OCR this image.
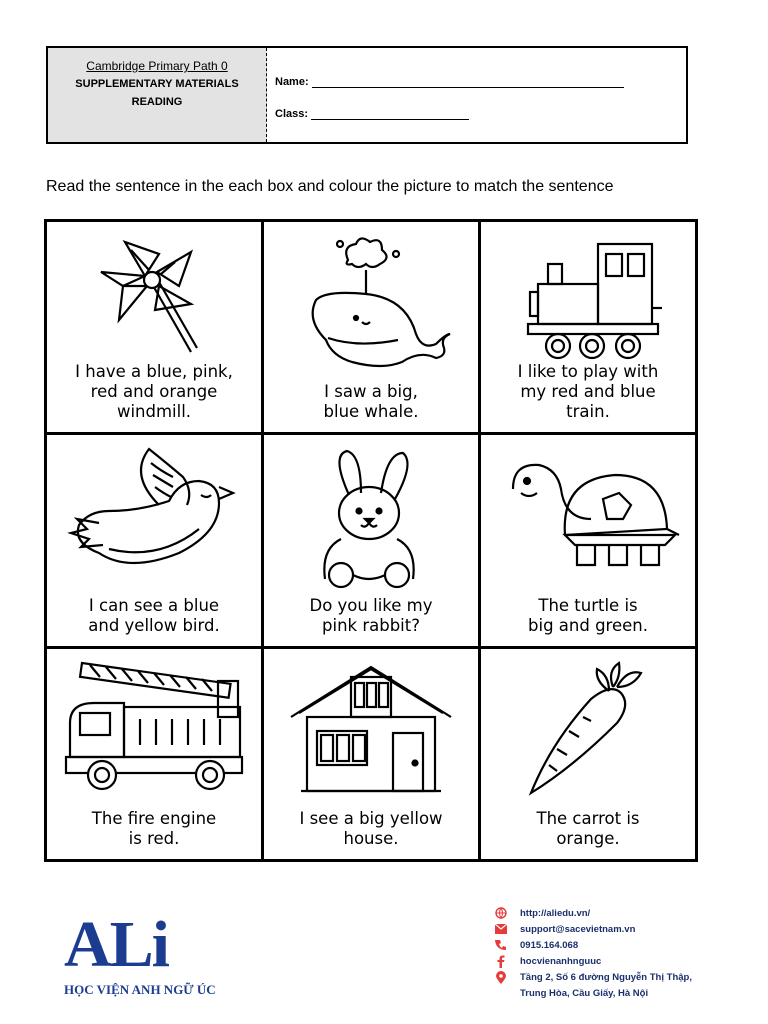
Cambridge Primary Path 0
SUPPLEMENTARY MATERIALS
READING
Name:
Class:
Read the sentence in the each box and colour the picture to match the sentence
I have a blue, pink,
red and orange
windmill.
I saw a big,
blue whale.
I like to play with
my red and blue
train.
I can see a blue
and yellow bird.
Do you like my
pink rabbit?
The turtle is
big and green.
The fire engine
is red.
I see a big yellow
house.
The carrot is
orange.
ALi
HỌC VIỆN ANH NGỮ ÚC
http://aliedu.vn/
support@sacevietnam.vn
0915.164.068
hocvienanhnguuc
Tầng 2, Số 6 đường Nguyễn Thị Thập,
Trung Hòa, Cầu Giấy, Hà Nội
